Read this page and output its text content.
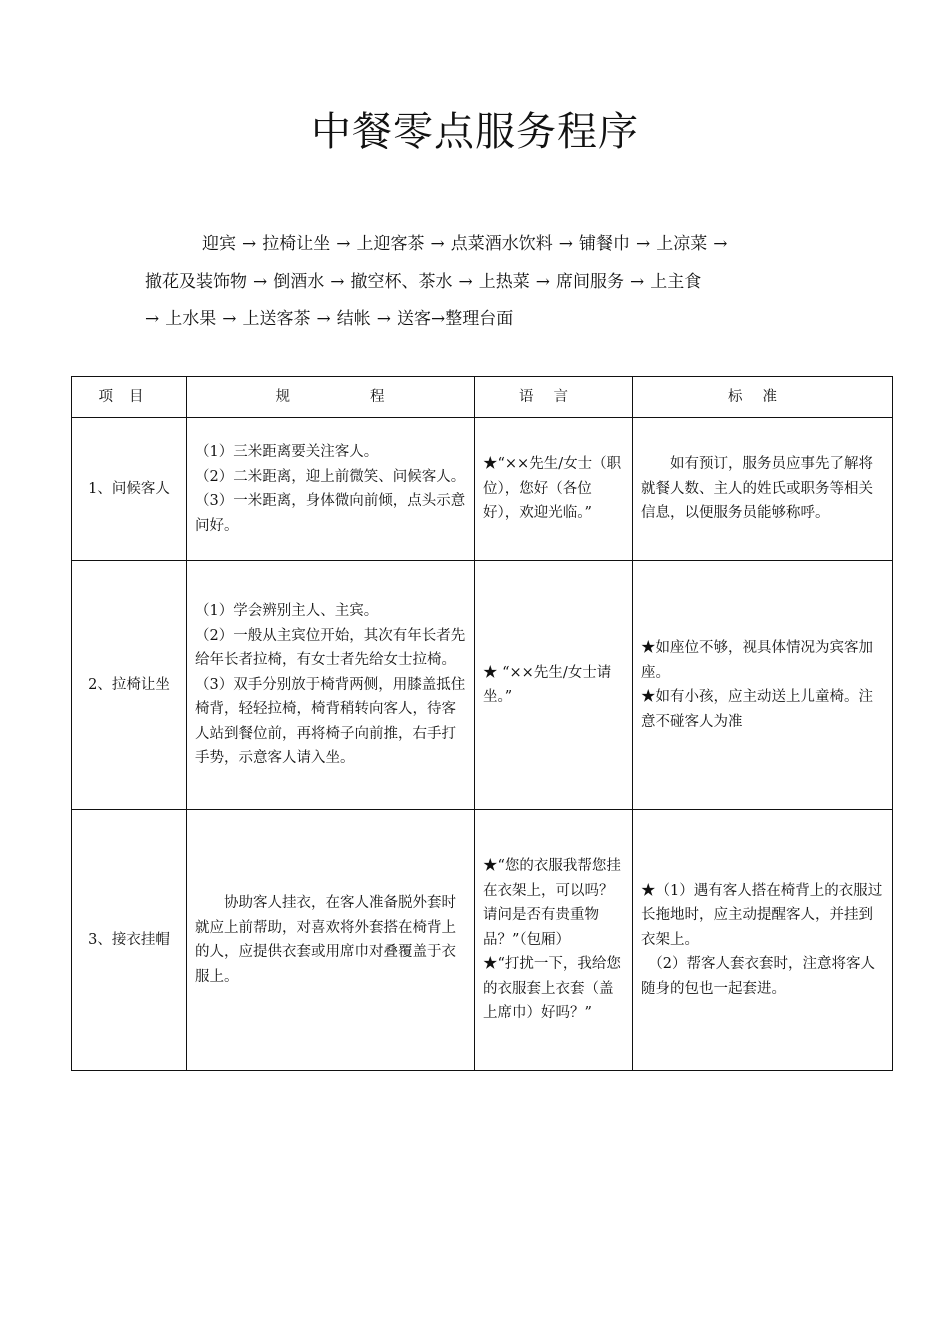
中餐零点服务程序
迎宾 → 拉椅让坐 → 上迎客茶 → 点菜酒水饮料 → 铺餐巾 → 上凉菜 →
撤花及装饰物 → 倒酒水 → 撤空杯、茶水 → 上热菜 → 席间服务 → 上主食
→ 上水果 → 上送客茶 → 结帐 → 送客→整理台面
项目	规程	语言	标准
1、问候客人	（1）三米距离要关注客人。
（2）二米距离，迎上前微笑、问候客人。
（3）一米距离，身体微向前倾，点头示意问好。	★“××先生/女士（职位），您好（各位好），欢迎光临。”	如有预订，服务员应事先了解将就餐人数、主人的姓氏或职务等相关信息，以便服务员能够称呼。

2、拉椅让坐	（1）学会辨别主人、主宾。
（2）一般从主宾位开始，其次有年长者先给年长者拉椅，有女士者先给女士拉椅。
（3）双手分别放于椅背两侧，用膝盖抵住椅背，轻轻拉椅，椅背稍转向客人，待客人站到餐位前，再将椅子向前推，右手打手势，示意客人请入坐。	★ “××先生/女士请坐。”	★如座位不够，视具体情况为宾客加座。
★如有小孩，应主动送上儿童椅。注意不碰客人为准

3、接衣挂帽	协助客人挂衣，在客人准备脱外套时就应上前帮助，对喜欢将外套搭在椅背上的人，应提供衣套或用席巾对叠覆盖于衣服上。	★“您的衣服我帮您挂在衣架上，可以吗？请问是否有贵重物品？”（包厢）
★“打扰一下，我给您的衣服套上衣套（盖上席巾）好吗？”	★（1）遇有客人搭在椅背上的衣服过长拖地时，应主动提醒客人，并挂到衣架上。
（2）帮客人套衣套时，注意将客人随身的包也一起套进。
